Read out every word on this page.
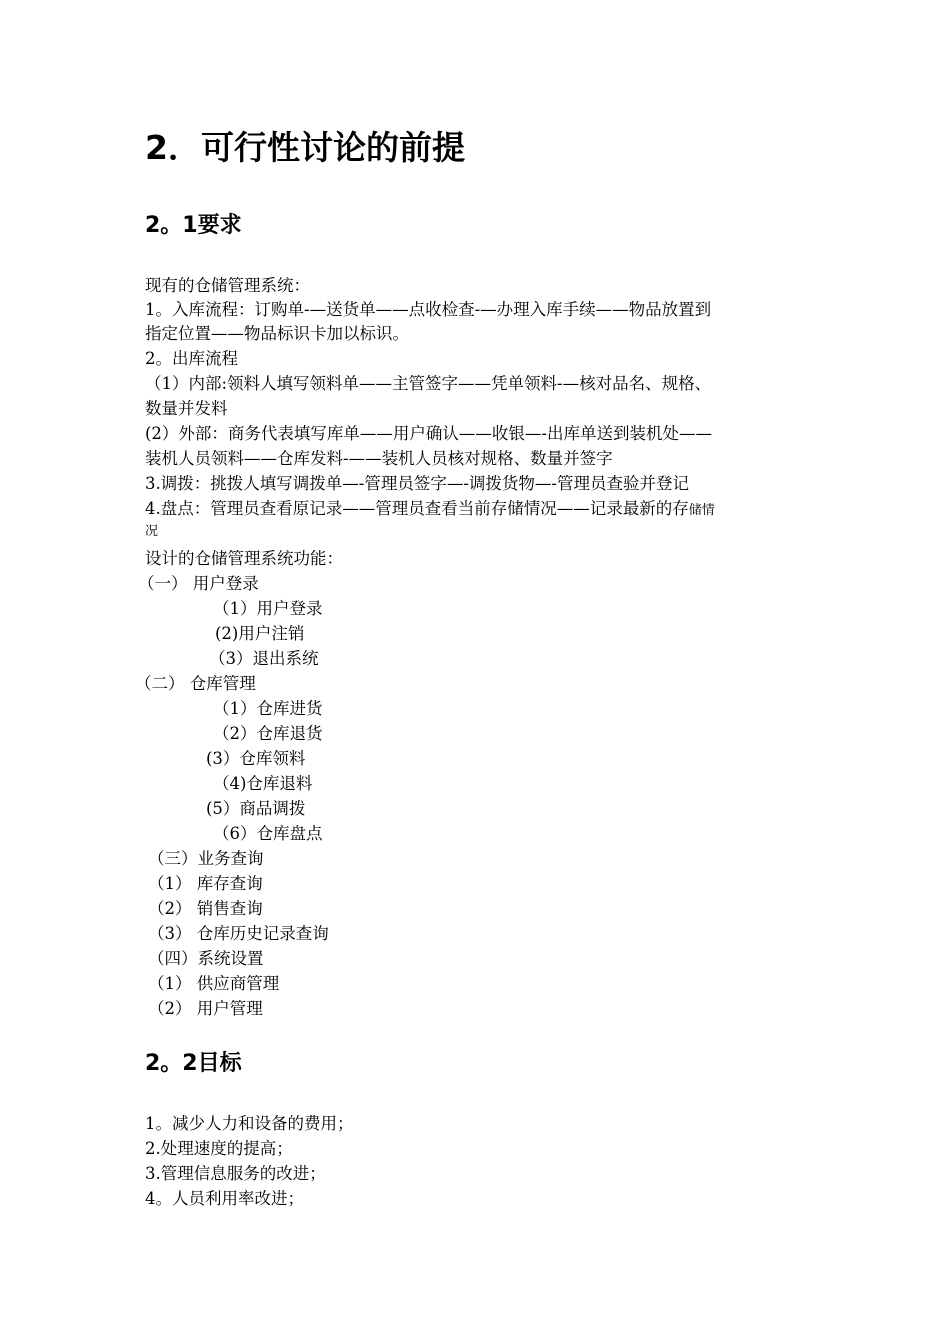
2．可行性讨论的前提
2。1要求
现有的仓储管理系统：
1。入库流程：订购单-—送货单——点收检查-—办理入库手续——物品放置到
指定位置——物品标识卡加以标识。
2。出库流程
（1）内部:领料人填写领料单——主管签字——凭单领料-—核对品名、规格、
数量并发料
(2）外部：商务代表填写库单——用户确认——收银—-出库单送到装机处——
装机人员领料——仓库发料-——装机人员核对规格、数量并签字
3.调拨：挑拨人填写调拨单—-管理员签字—-调拨货物—-管理员查验并登记
4.盘点：管理员查看原记录——管理员查看当前存储情况——记录最新的存储情
况
设计的仓储管理系统功能：
（一） 用户登录
（1）用户登录
(2)用户注销
（3）退出系统
（二） 仓库管理
（1）仓库进货
（2）仓库退货
(3）仓库领料
（4)仓库退料
(5）商品调拨
（6）仓库盘点
（三）业务查询
（1） 库存查询
（2） 销售查询
（3） 仓库历史记录查询
（四）系统设置
（1） 供应商管理
（2） 用户管理
2。2目标
1。减少人力和设备的费用；
2.处理速度的提高；
3.管理信息服务的改进；
4。人员利用率改进；
